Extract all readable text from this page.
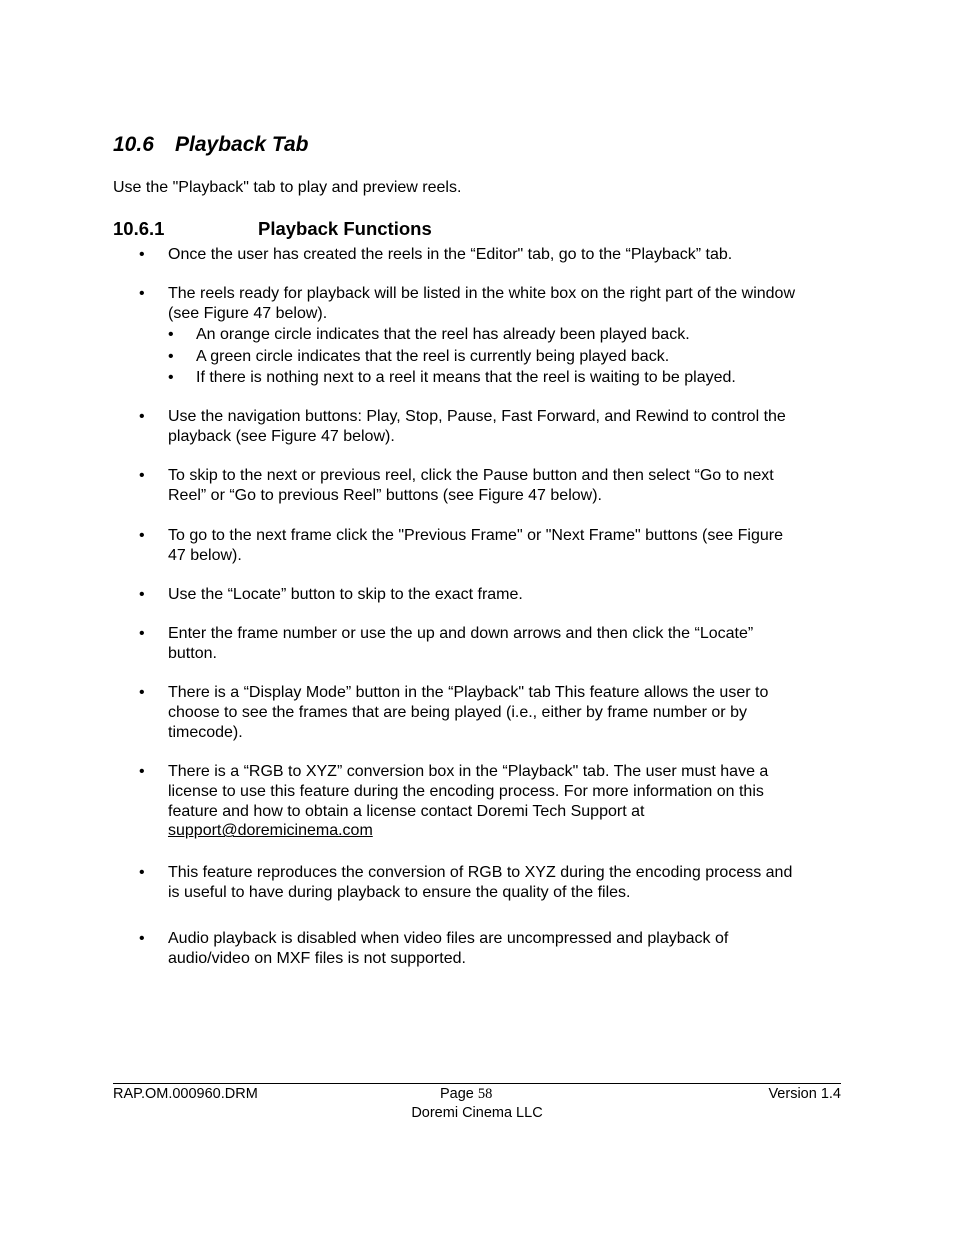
10.6 Playback Tab
Use the "Playback" tab to play and preview reels.
10.6.1	Playback Functions
• Once the user has created the reels in the “Editor" tab, go to the “Playback” tab.
• The reels ready for playback will be listed in the white box on the right part of the window
(see Figure 47 below).
• An orange circle indicates that the reel has already been played back.
• A green circle indicates that the reel is currently being played back.
• If there is nothing next to a reel it means that the reel is waiting to be played.
• Use the navigation buttons: Play, Stop, Pause, Fast Forward, and Rewind to control the
playback (see Figure 47 below).
• To skip to the next or previous reel, click the Pause button and then select “Go to next
Reel” or “Go to previous Reel” buttons (see Figure 47 below).
• To go to the next frame click the "Previous Frame" or "Next Frame" buttons (see Figure
47 below).
• Use the “Locate” button to skip to the exact frame.
• Enter the frame number or use the up and down arrows and then click the “Locate”
button.
• There is a “Display Mode” button in the “Playback" tab This feature allows the user to
choose to see the frames that are being played (i.e., either by frame number or by
timecode).
• There is a “RGB to XYZ” conversion box in the “Playback" tab. The user must have a
license to use this feature during the encoding process. For more information on this
feature and how to obtain a license contact Doremi Tech Support at
support@doremicinema.com
• This feature reproduces the conversion of RGB to XYZ during the encoding process and
is useful to have during playback to ensure the quality of the files.
• Audio playback is disabled when video files are uncompressed and playback of
audio/video on MXF files is not supported.
RAP.OM.000960.DRM	Page 58	Version 1.4
Doremi Cinema LLC
